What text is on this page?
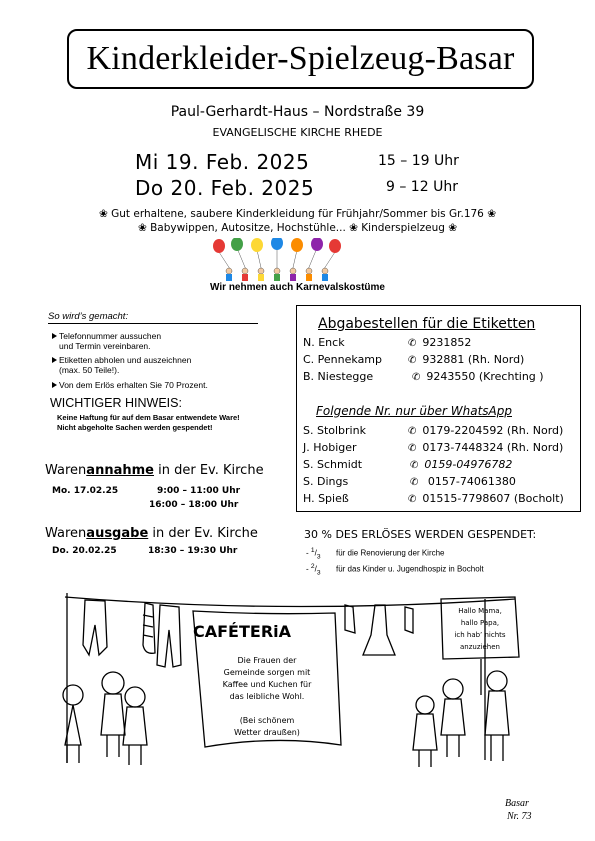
Kinderkleider-Spielzeug-Basar
Paul-Gerhardt-Haus – Nordstraße 39
EVANGELISCHE KIRCHE RHEDE
Mi 19. Feb. 2025	15 – 19 Uhr
Do 20. Feb. 2025	9 – 12 Uhr
❀ Gut erhaltene, saubere Kinderkleidung für Frühjahr/Sommer bis Gr.176 ❀
❀ Babywippen, Autositze, Hochstühle... ❀ Kinderspielzeug ❀
Wir nehmen auch Karnevalskostüme
So wird’s gemacht:
Telefonnummer aussuchen
und Termin vereinbaren.
Etiketten abholen und auszeichnen
(max. 50 Teile!).
Von dem Erlös erhalten Sie 70 Prozent.
WICHTIGER HINWEIS:
Keine Haftung für auf dem Basar entwendete Ware!
Nicht abgeholte Sachen werden gespendet!
Warenannahme in der Ev. Kirche
Mo. 17.02.25	9:00 – 11:00 Uhr
16:00 – 18:00 Uhr
Warenausgabe in der Ev. Kirche
Do. 20.02.25	18:30 – 19:30 Uhr
Abgabestellen für die Etiketten
N. Enck	✆ 9231852
C. Pennekamp	✆ 932881 (Rh. Nord)
B. Niestegge	✆ 9243550 (Krechting )
Folgende Nr. nur über WhatsApp
S. Stolbrink	✆ 0179-2204592 (Rh. Nord)
J. Hobiger	✆ 0173-7448324 (Rh. Nord)
S. Schmidt	✆ 0159-04976782
S. Dings	✆ 0157-74061380
H. Spieß	✆ 01515-7798607 (Bocholt)
30 % DES ERLÖSES WERDEN GESPENDET:
- $^1/_3$ für die Renovierung der Kirche
- $^2/_3$ für das Kinder u. Jugendhospiz in Bocholt
CAFÉTERiA
Die Frauen der
Gemeinde sorgen mit
Kaffee und Kuchen für
das leibliche Wohl.
(Bei schönem
Wetter draußen)
Hallo Mama,
hallo Papa,
ich hab’ nichts
anzuziehen
Basar
Nr. 73
